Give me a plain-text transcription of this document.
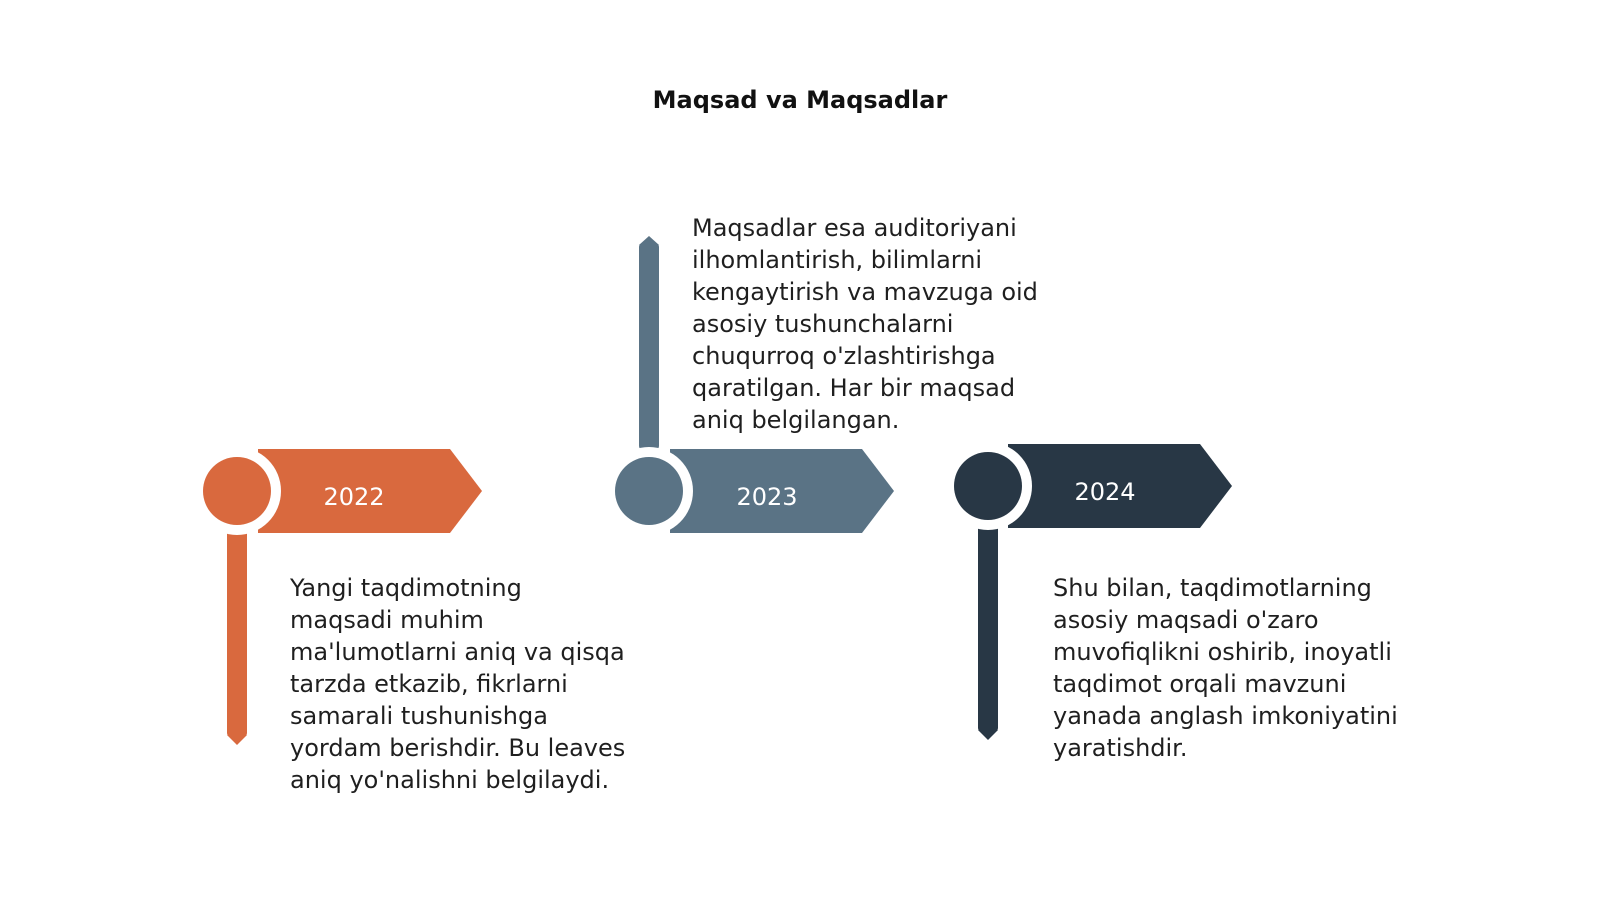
Maqsad va Maqsadlar
2022	2023	2024

Yangi taqdimotning maqsadi muhim ma'lumotlarni aniq va qisqa tarzda etkazib, fikrlarni samarali tushunishga yordam berishdir. Bu leaves aniq yo'nalishni belgilaydi.

Maqsadlar esa auditoriyani ilhomlantirish, bilimlarni kengaytirish va mavzuga oid asosiy tushunchalarni chuqurroq o'zlashtirishga qaratilgan. Har bir maqsad aniq belgilangan.

Shu bilan, taqdimotlarning asosiy maqsadi o'zaro muvofiqlikni oshirib, inoyatli taqdimot orqali mavzuni yanada anglash imkoniyatini yaratishdir.
